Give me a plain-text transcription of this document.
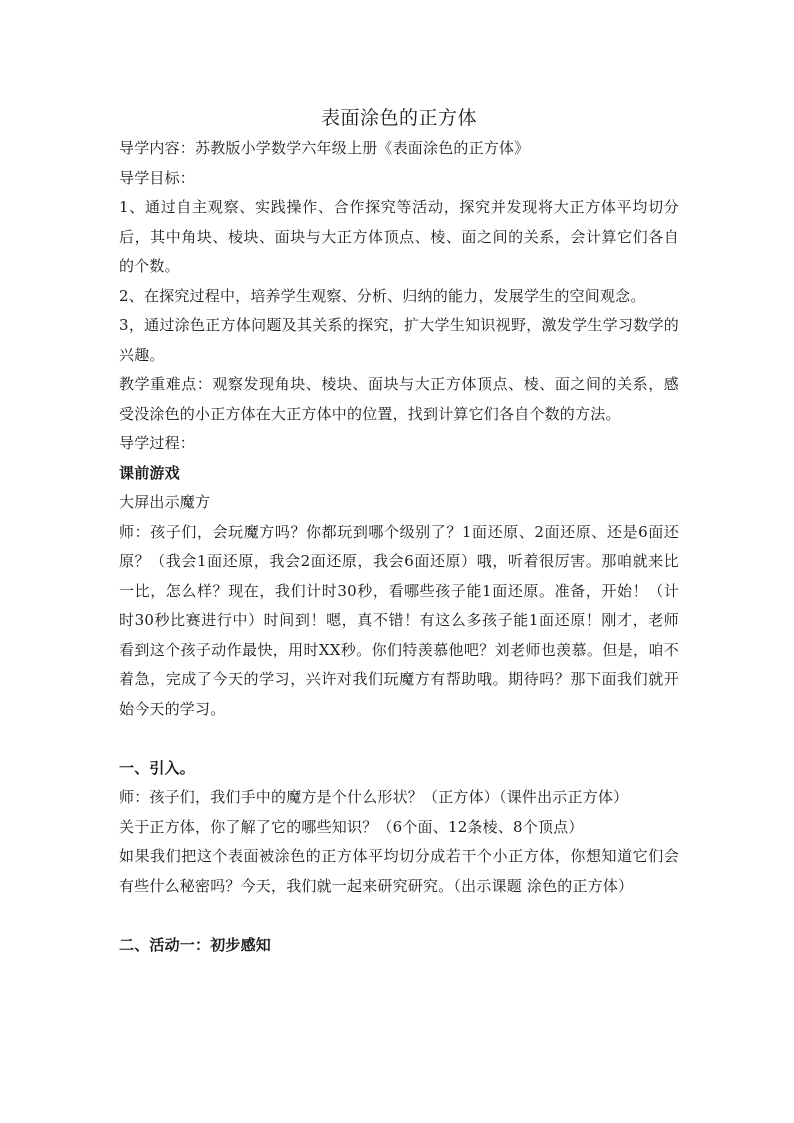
表面涂色的正方体

导学内容：苏教版小学数学六年级上册《表面涂色的正方体》

导学目标：

1、通过自主观察、实践操作、合作探究等活动，探究并发现将大正方体平均切分后，其中角块、棱块、面块与大正方体顶点、棱、面之间的关系，会计算它们各自的个数。

2、在探究过程中，培养学生观察、分析、归纳的能力，发展学生的空间观念。

3，通过涂色正方体问题及其关系的探究，扩大学生知识视野，激发学生学习数学的兴趣。

教学重难点：观察发现角块、棱块、面块与大正方体顶点、棱、面之间的关系，感受没涂色的小正方体在大正方体中的位置，找到计算它们各自个数的方法。

导学过程：

课前游戏

大屏出示魔方

师：孩子们，会玩魔方吗？你都玩到哪个级别了？1面还原、2面还原、还是6面还原？（我会1面还原，我会2面还原，我会6面还原）哦，听着很厉害。那咱就来比一比，怎么样？现在，我们计时30秒，看哪些孩子能1面还原。准备，开始！（计时30秒比赛进行中）时间到！嗯，真不错！有这么多孩子能1面还原！刚才，老师看到这个孩子动作最快，用时XX秒。你们特羡慕他吧？刘老师也羡慕。但是，咱不着急，完成了今天的学习，兴许对我们玩魔方有帮助哦。期待吗？那下面我们就开始今天的学习。

一、引入。

师：孩子们，我们手中的魔方是个什么形状？（正方体）（课件出示正方体）

关于正方体，你了解了它的哪些知识？（6个面、12条棱、8个顶点）

如果我们把这个表面被涂色的正方体平均切分成若干个小正方体，你想知道它们会有些什么秘密吗？今天，我们就一起来研究研究。（出示课题 涂色的正方体）

二、活动一：初步感知
